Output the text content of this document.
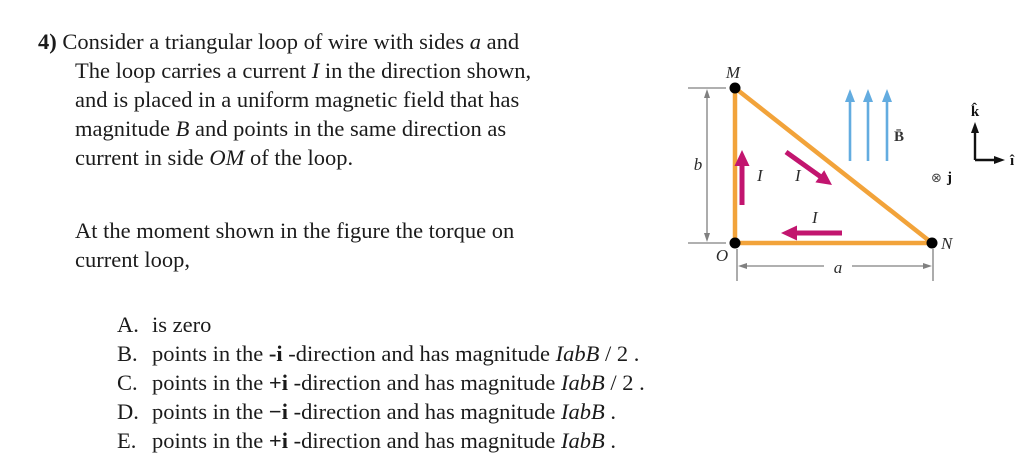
4) Consider a triangular loop of wire with sides a and
The loop carries a current I in the direction shown,
and is placed in a uniform magnetic field that has
magnitude B and points in the same direction as
current in side OM of the loop.
At the moment shown in the figure the torque on
current loop,
A. is zero
B. points in the -i -direction and has magnitude IabB / 2 .
C. points in the +i -direction and has magnitude IabB / 2 .
D. points in the −i -direction and has magnitude IabB .
E. points in the +i -direction and has magnitude IabB .
b
a
M
O
N
I I
I
B̄
k̂
î
⊗ j
